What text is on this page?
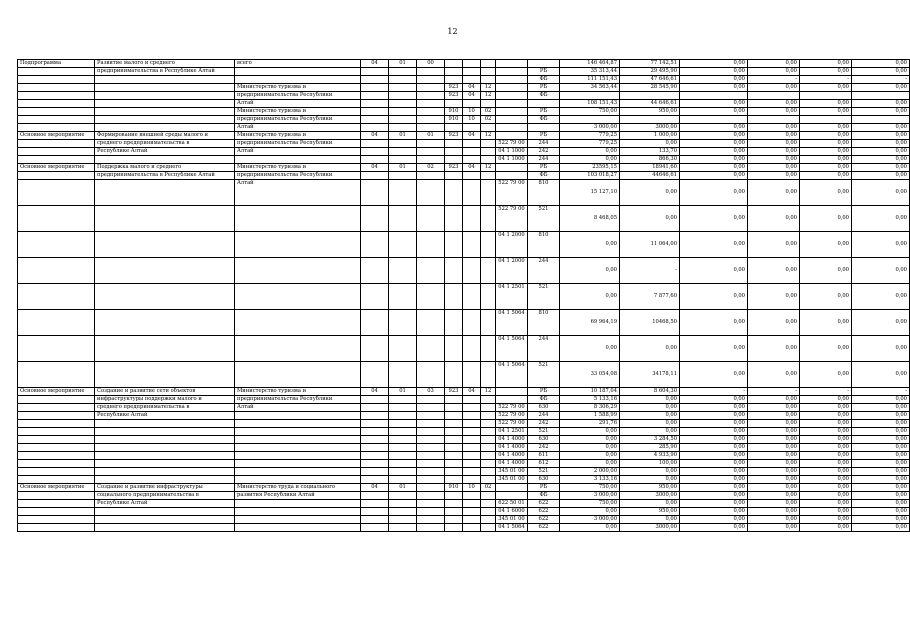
12
Подпрограмма	Развитие малого и среднего	всего	04	01	00						146 464,87	77 142,51	0,00	0,00	0,00	0,00
	предпринимательства в Республике Алтай									РБ	35 313,44	29 495,90	0,00	0,00	0,00	0,00
										ФБ	111 151,43	47 646,61	0,00	-	-	-
		Министерство туризма и				923	04	12		РБ	34 563,44	28 545,90	0,00	0,00	0,00	0,00
		предпринимательства Республики				923	04	12		ФБ						
		Алтай									108 151,43	44 646,61	0,00	0,00	0,00	0,00
		Министерство туризма и				910	10	02		РБ	750,00	950,00	0,00	0,00	0,00	0,00
		предпринимательства Республики				910	10	02		ФБ						
		Алтай									3 000,00	3000,00	0,00	0,00	0,00	0,00
Основное мероприятие	Формирование внешней среды малого и	Министерство туризма и	04	01	01	923	04	12		РБ	779,25	1 000,00	0,00	0,00	0,00	0,00
	среднего предпринимательства в	предпринимательства Республики							522 79 00	244	779,25	0,00	0,00	0,00	0,00	0,00
	Республике Алтай	Алтай							04 1 1000	242	0,00	133,70	0,00	0,00	0,00	0,00
									04 1 1000	244	0,00	866,30	0,00	0,00	0,00	0,00
Основное мероприятие	Поддержка малого и среднего	Министерство туризма и	04	01	02	923	04	12		РБ	23595,15	18941,60	0,00	0,00	0,00	0,00
	предпринимательства в Республике Алтай	предпринимательства Республики								ФБ	103 018,27	44646,61	0,00	0,00	0,00	0,00
		Алтай							522 79 00	810	15 127,10	0,00	0,00	0,00	0,00	0,00
									522 79 00	521	8 468,05	0,00	0,00	0,00	0,00	0,00
									04 1 2000	810	0,00	11 064,00	0,00	0,00	0,00	0,00
									04 1 2000	244	0,00	-	0,00	0,00	0,00	0,00
									04 1 2501	521	0,00	7 877,60	0,00	0,00	0,00	0,00
									04 1 5064	810	69 964,19	10468,50	0,00	0,00	0,00	0,00
									04 1 5064	244	0,00	0,00	0,00	0,00	0,00	0,00
									04 1 5064	521	33 054,08	34178,11	0,00	0,00	0,00	0,00
Основное мероприятие	Создание и развитие сети объектов	Министерство туризма и	04	01	03	923	04	12		РБ	10 187,04	8 604,30	-	-	-	-
	инфраструктуры поддержки малого и	предпринимательства Республики								ФБ	5 133,16	0,00	0,00	0,00	0,00	0,00
	среднего предпринимательства в	Алтай							522 79 00	630	8 306,29	0,00	0,00	0,00	0,00	0,00
	Республике Алтай								522 79 00	244	1 588,99	0,00	0,00	0,00	0,00	0,00
									522 79 00	242	291,76	0,00	0,00	0,00	0,00	0,00
									04 1 2501	521	0,00	0,00	0,00	0,00	0,00	0,00
									04 1 4000	630	0,00	3 284,50	0,00	0,00	0,00	0,00
									04 1 4000	242	0,00	285,90	0,00	0,00	0,00	0,00
									04 1 4000	611	0,00	4 933,90	0,00	0,00	0,00	0,00
									04 1 4000	612	0,00	100,00	0,00	0,00	0,00	0,00
									345 01 00	521	2 000,00	0,00	0,00	0,00	0,00	0,00
									345 01 00	630	3 133,16	0,00	0,00	0,00	0,00	0,00
Основное мероприятие	Создание и развитие инфраструктуры	Министерство труда и социального	04	01		910	10	02		РБ	750,00	950,00	0,00	0,00	0,00	0,00
	социального предпринимательства в	развития Республики Алтай								ФБ	3 000,00	3000,00	0,00	0,00	0,00	0,00
	Республике Алтай								622 50 01	622	750,00	0,00	0,00	0,00	0,00	0,00
									04 1 6000	622	0,00	950,00	0,00	0,00	0,00	0,00
									345 01 00	622	3 000,00	0,00	0,00	0,00	0,00	0,00
									04 1 5064	622	0,00	3000,00	0,00	0,00	0,00	0,00
